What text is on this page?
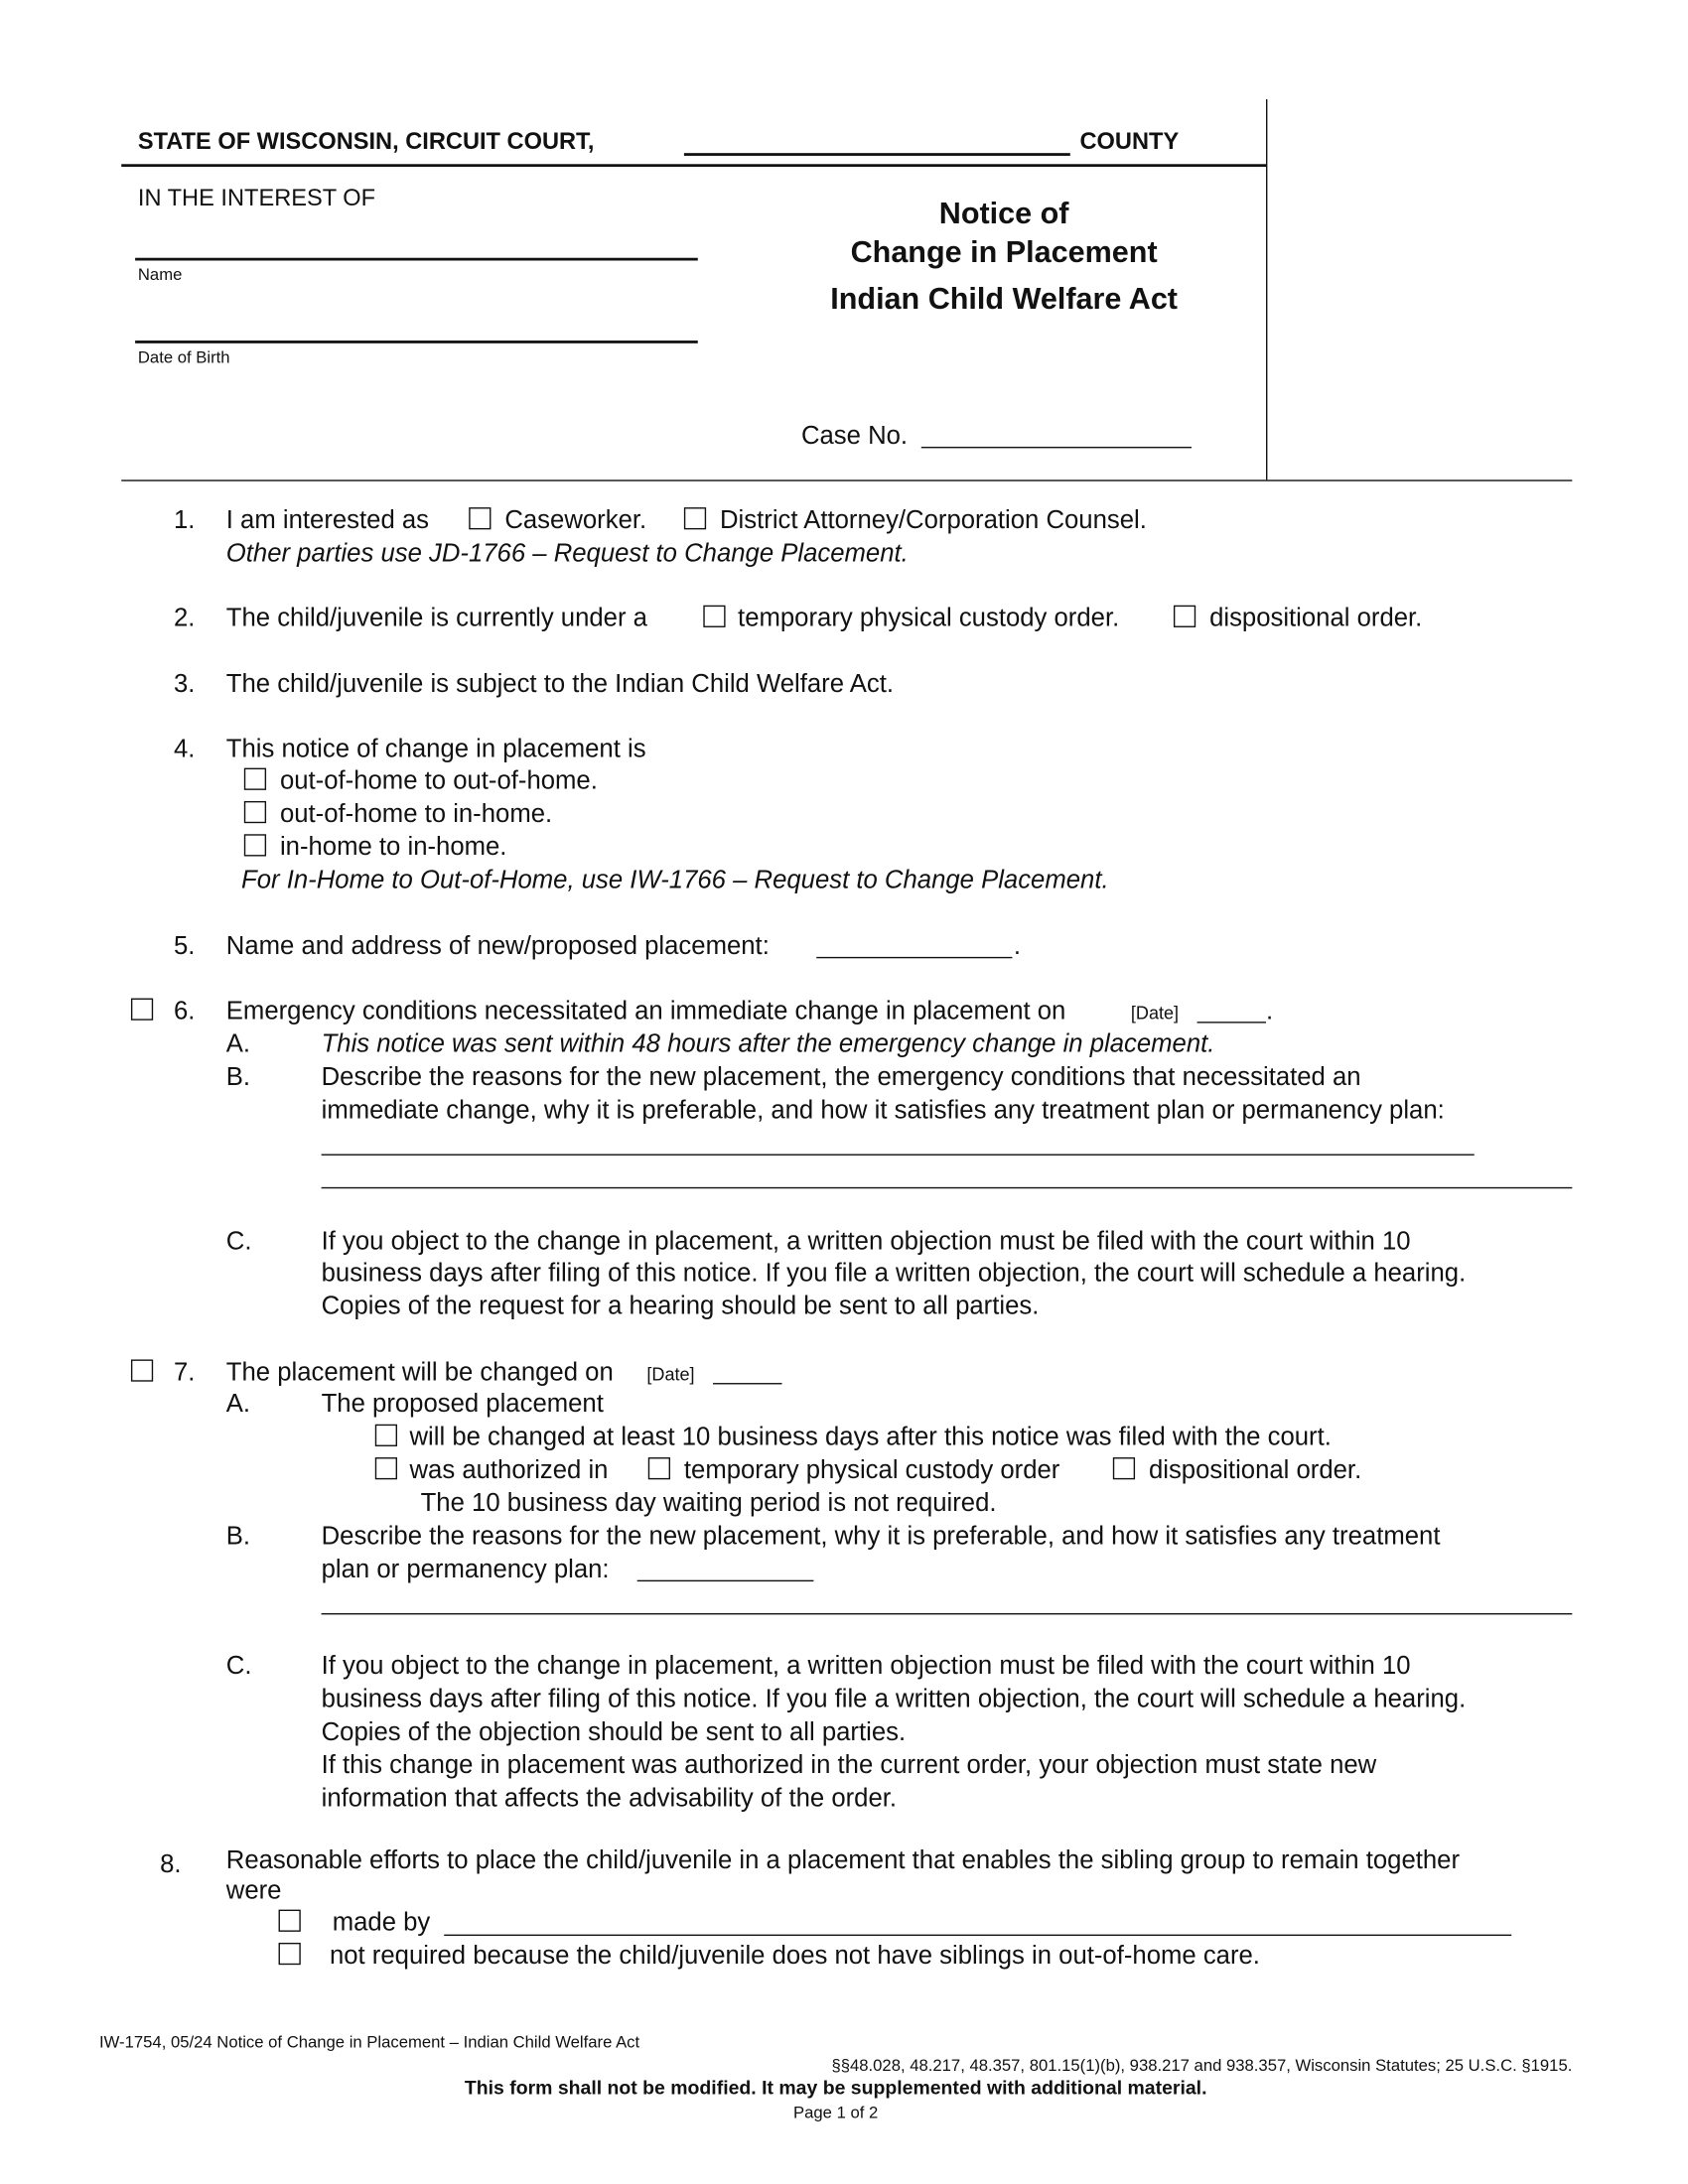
STATE OF WISCONSIN, CIRCUIT COURT,	COUNTY
IN THE INTEREST OF
Name
Date of Birth
Notice of
Change in Placement
Indian Child Welfare Act
Case No.
1. I am interested as	Caseworker.	District Attorney/Corporation Counsel.
Other parties use JD-1766 – Request to Change Placement.
2. The child/juvenile is currently under a	temporary physical custody order.	dispositional order.
3. The child/juvenile is subject to the Indian Child Welfare Act.
4. This notice of change in placement is
out-of-home to out-of-home.
out-of-home to in-home.
in-home to in-home.
For In-Home to Out-of-Home, use IW-1766 – Request to Change Placement.
5. Name and address of new/proposed placement:	.
6. Emergency conditions necessitated an immediate change in placement on	[Date]	.
A.	This notice was sent within 48 hours after the emergency change in placement.
B.	Describe the reasons for the new placement, the emergency conditions that necessitated an
immediate change, why it is preferable, and how it satisfies any treatment plan or permanency plan:
C.	If you object to the change in placement, a written objection must be filed with the court within 10
business days after filing of this notice. If you file a written objection, the court will schedule a hearing.
Copies of the request for a hearing should be sent to all parties.
7. The placement will be changed on	[Date]
A.	The proposed placement
will be changed at least 10 business days after this notice was filed with the court.
was authorized in	temporary physical custody order	dispositional order.
The 10 business day waiting period is not required.
B.	Describe the reasons for the new placement, why it is preferable, and how it satisfies any treatment
plan or permanency plan:
C.	If you object to the change in placement, a written objection must be filed with the court within 10
business days after filing of this notice. If you file a written objection, the court will schedule a hearing.
Copies of the objection should be sent to all parties.
If this change in placement was authorized in the current order, your objection must state new
information that affects the advisability of the order.
8. Reasonable efforts to place the child/juvenile in a placement that enables the sibling group to remain together
were
made by
not required because the child/juvenile does not have siblings in out-of-home care.
IW-1754, 05/24 Notice of Change in Placement – Indian Child Welfare Act
§§48.028, 48.217, 48.357, 801.15(1)(b), 938.217 and 938.357, Wisconsin Statutes; 25 U.S.C. §1915.
This form shall not be modified. It may be supplemented with additional material.
Page 1 of 2
